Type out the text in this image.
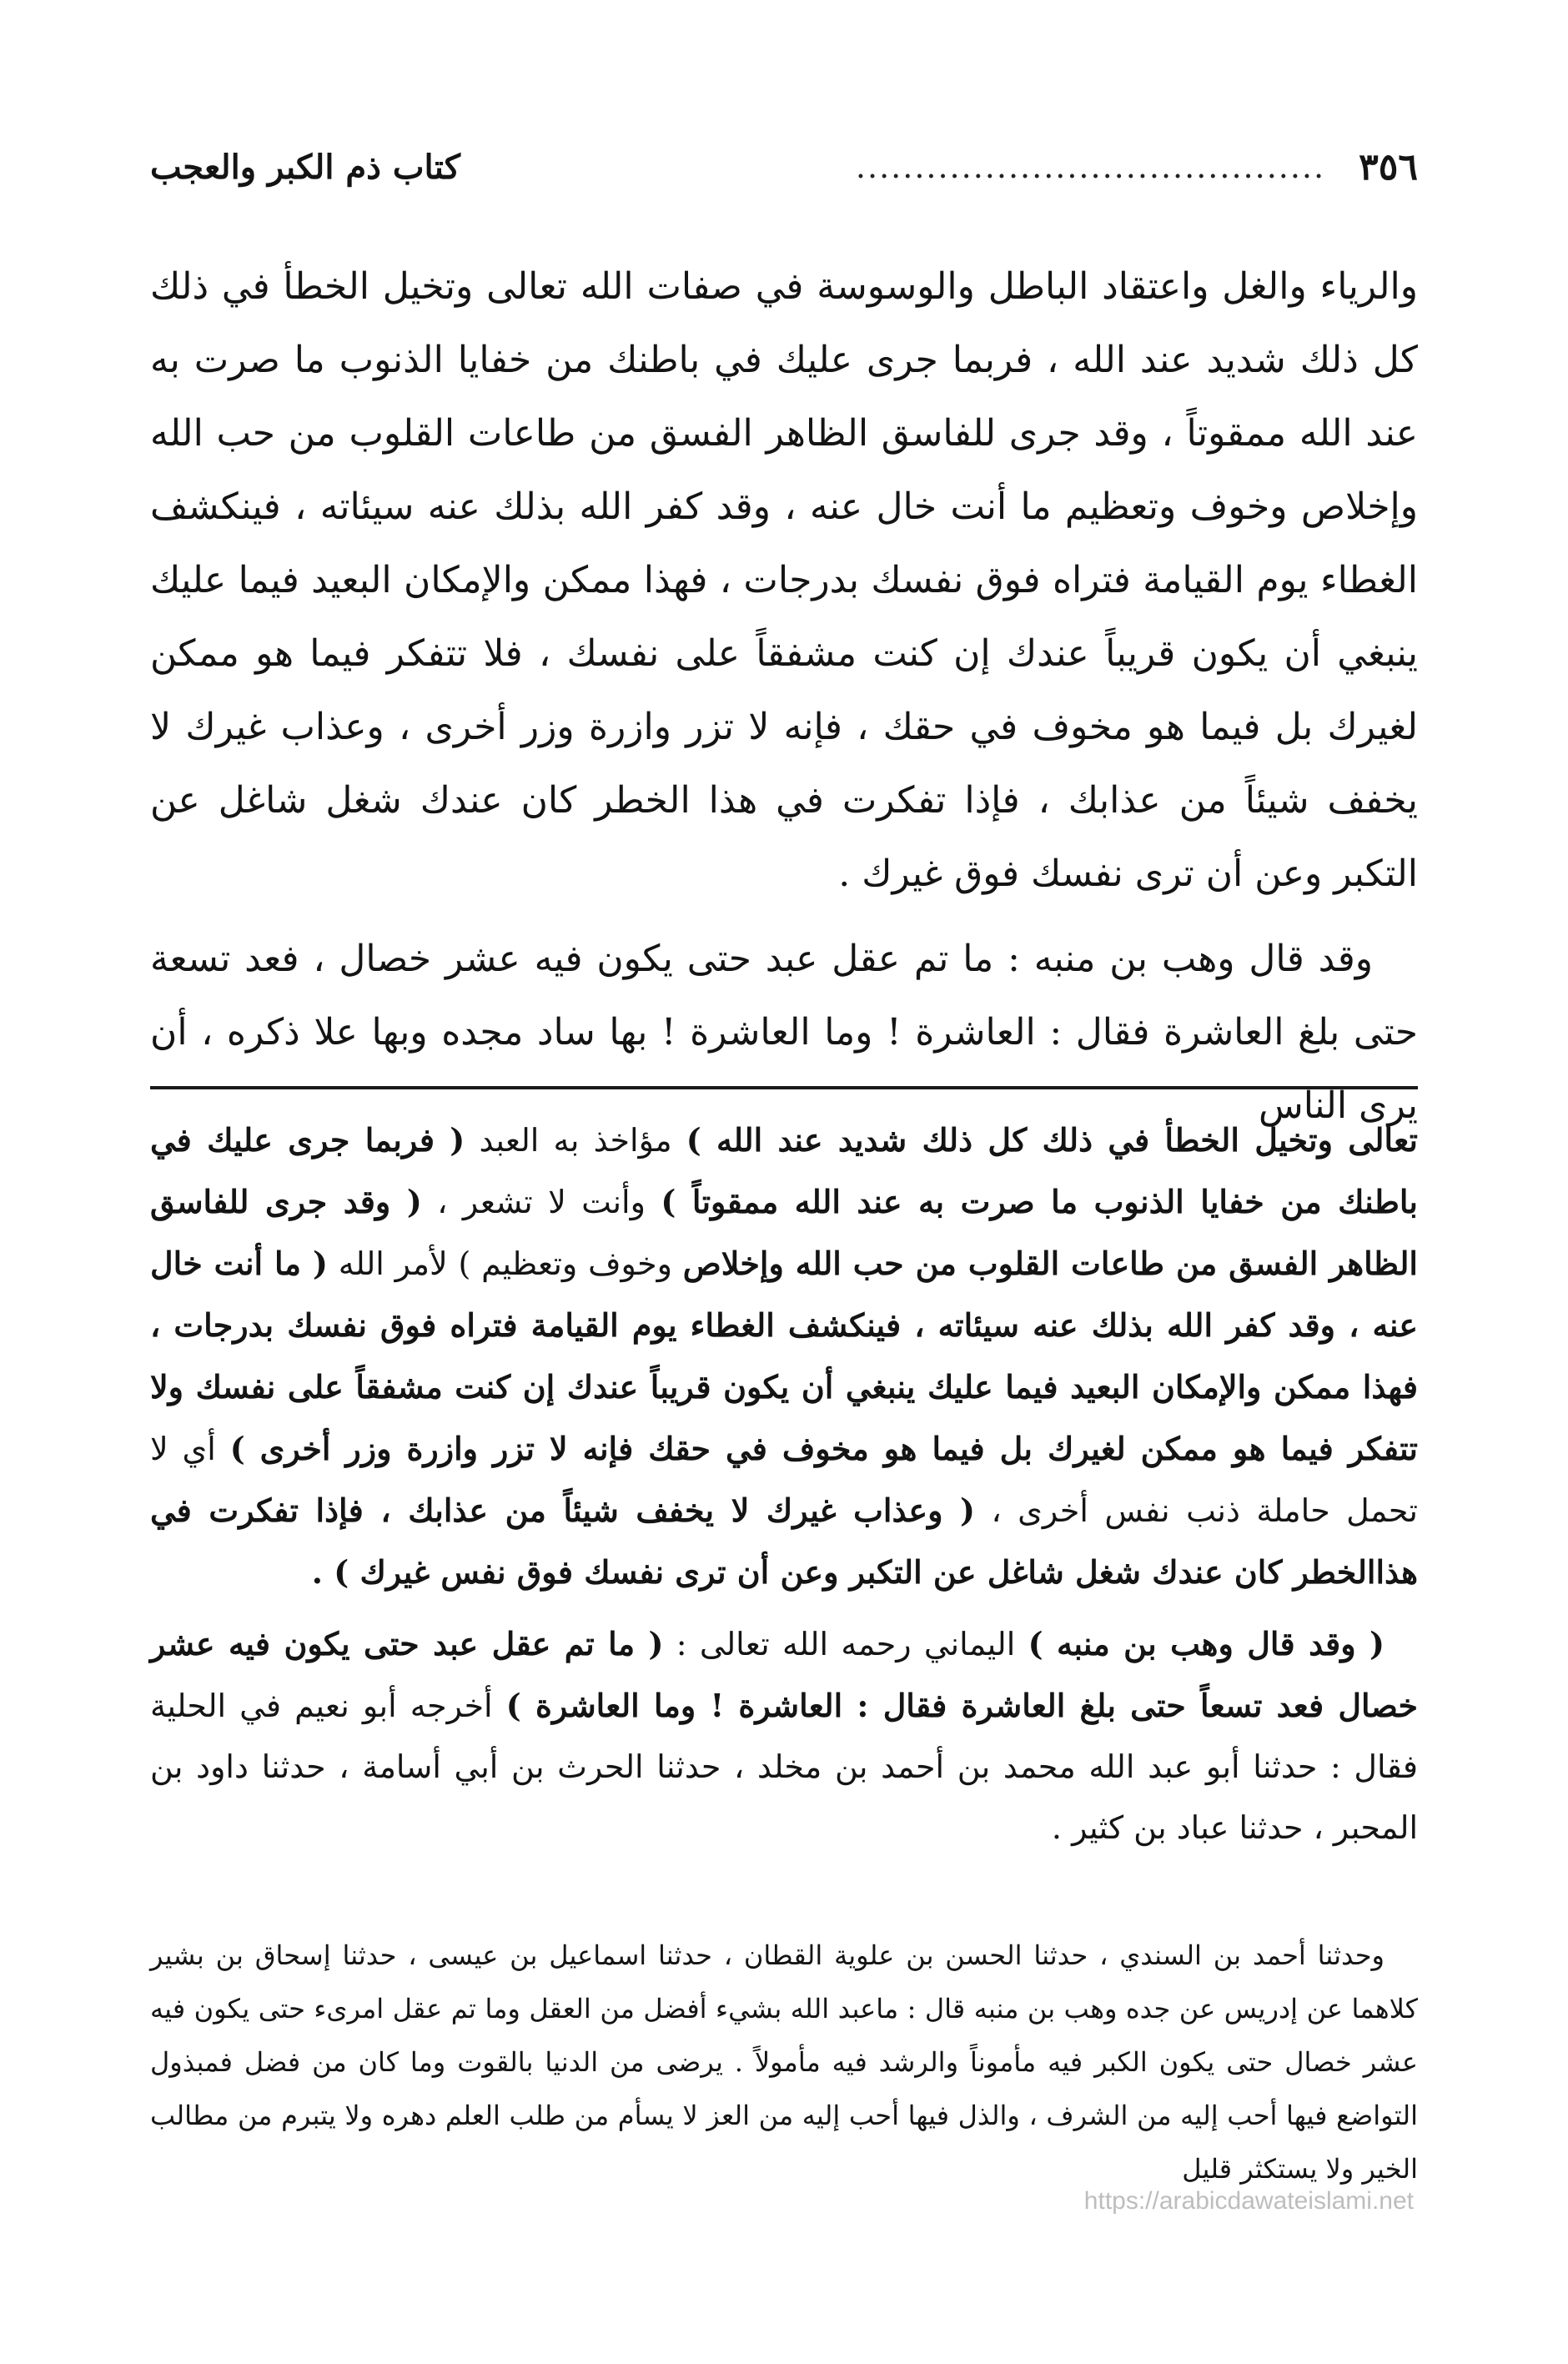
٣٥٦
........................................
كتاب ذم الكبر والعجب

والرياء والغل واعتقاد الباطل والوسوسة في صفات الله تعالى وتخيل الخطأ في ذلك كل ذلك شديد عند الله ، فربما جرى عليك في باطنك من خفايا الذنوب ما صرت به عند الله ممقوتاً ، وقد جرى للفاسق الظاهر الفسق من طاعات القلوب من حب الله وإخلاص وخوف وتعظيم ما أنت خال عنه ، وقد كفر الله بذلك عنه سيئاته ، فينكشف الغطاء يوم القيامة فتراه فوق نفسك بدرجات ، فهذا ممكن والإمكان البعيد فيما عليك ينبغي أن يكون قريباً عندك إن كنت مشفقاً على نفسك ، فلا تتفكر فيما هو ممكن لغيرك بل فيما هو مخوف في حقك ، فإنه لا تزر وازرة وزر أخرى ، وعذاب غيرك لا يخفف شيئاً من عذابك ، فإذا تفكرت في هذا الخطر كان عندك شغل شاغل عن التكبر وعن أن ترى نفسك فوق غيرك .

وقد قال وهب بن منبه : ما تم عقل عبد حتى يكون فيه عشر خصال ، فعد تسعة حتى بلغ العاشرة فقال : العاشرة ! وما العاشرة ! بها ساد مجده وبها علا ذكره ، أن يرى الناس

تعالى وتخيل الخطأ في ذلك كل ذلك شديد عند الله ) مؤاخذ به العبد ( فربما جرى عليك في باطنك من خفايا الذنوب ما صرت به عند الله ممقوتاً ) وأنت لا تشعر ، ( وقد جرى للفاسق الظاهر الفسق من طاعات القلوب من حب الله وإخلاص وخوف وتعظيم ) لأمر الله ( ما أنت خال عنه ، وقد كفر الله بذلك عنه سيئاته ، فينكشف الغطاء يوم القيامة فتراه فوق نفسك بدرجات ، فهذا ممكن والإمكان البعيد فيما عليك ينبغي أن يكون قريباً عندك إن كنت مشفقاً على نفسك ولا تتفكر فيما هو ممكن لغيرك بل فيما هو مخوف في حقك فإنه لا تزر وازرة وزر أخرى ) أي لا تحمل حاملة ذنب نفس أخرى ، ( وعذاب غيرك لا يخفف شيئاً من عذابك ، فإذا تفكرت في هذاالخطر كان عندك شغل شاغل عن التكبر وعن أن ترى نفسك فوق نفس غيرك ) .

( وقد قال وهب بن منبه ) اليماني رحمه الله تعالى : ( ما تم عقل عبد حتى يكون فيه عشر خصال فعد تسعاً حتى بلغ العاشرة فقال : العاشرة ! وما العاشرة ) أخرجه أبو نعيم في الحلية فقال : حدثنا أبو عبد الله محمد بن أحمد بن مخلد ، حدثنا الحرث بن أبي أسامة ، حدثنا داود بن المحبر ، حدثنا عباد بن كثير .

وحدثنا أحمد بن السندي ، حدثنا الحسن بن علوية القطان ، حدثنا اسماعيل بن عيسى ، حدثنا إسحاق بن بشير كلاهما عن إدريس عن جده وهب بن منبه قال : ماعبد الله بشيء أفضل من العقل وما تم عقل امرىء حتى يكون فيه عشر خصال حتى يكون الكبر فيه مأموناً والرشد فيه مأمولاً . يرضى من الدنيا بالقوت وما كان من فضل فمبذول التواضع فيها أحب إليه من الشرف ، والذل فيها أحب إليه من العز لا يسأم من طلب العلم دهره ولا يتبرم من مطالب الخير ولا يستكثر قليل

https://arabicdawateislami.net
